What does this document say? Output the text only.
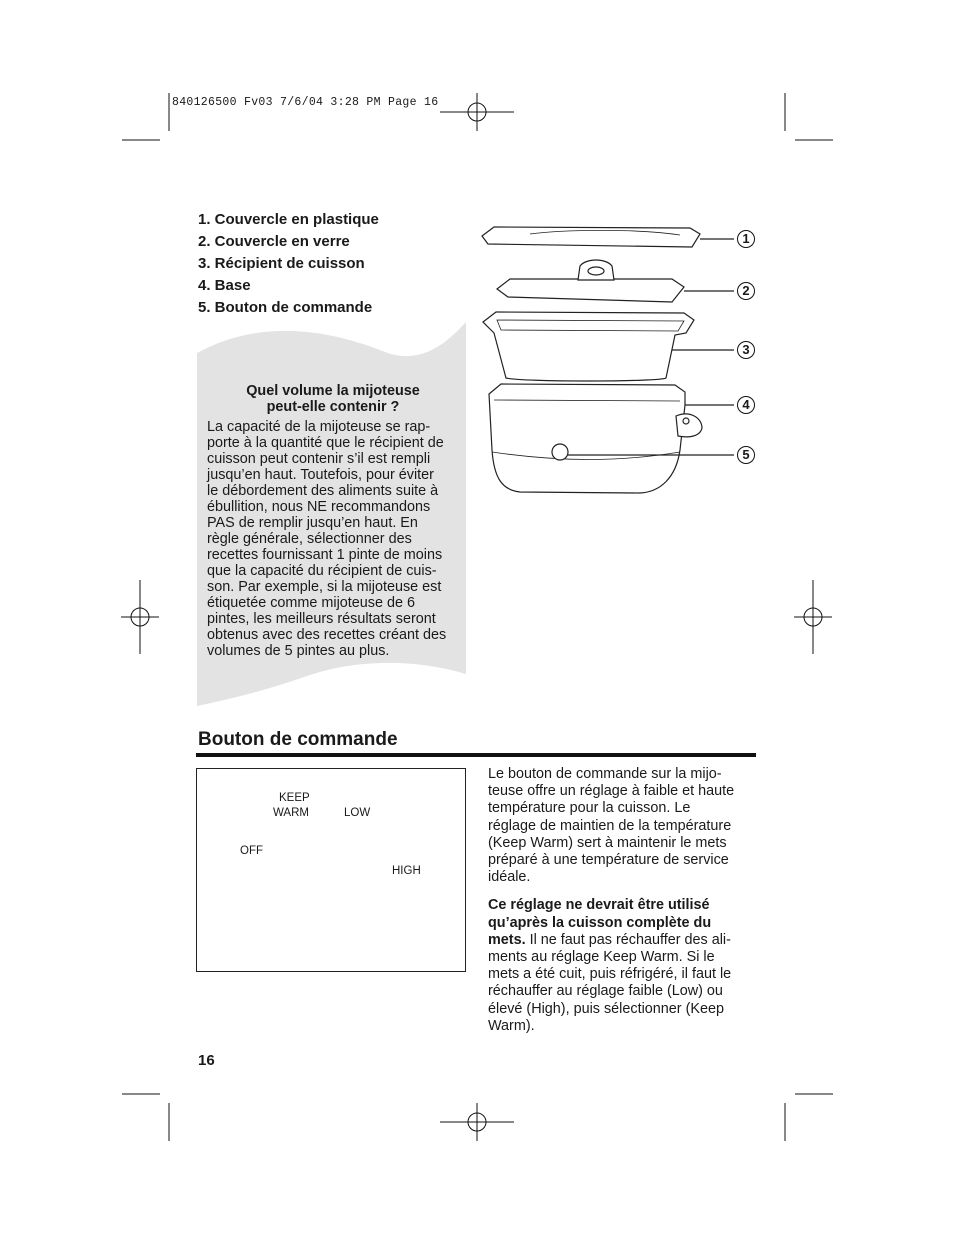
840126500 Fv03 7/6/04 3:28 PM Page 16
1. Couvercle en plastique
2. Couvercle en verre
3. Récipient de cuisson
4. Base
5. Bouton de commande
1
2
3
4
5
Quel volume la mijoteuse
peut-elle contenir ?

La capacité de la mijoteuse se rap-
porte à la quantité que le récipient de
cuisson peut contenir s’il est rempli
jusqu’en haut. Toutefois, pour éviter
le débordement des aliments suite à
ébullition, nous NE recommandons
PAS de remplir jusqu’en haut. En
règle générale, sélectionner des
recettes fournissant 1 pinte de moins
que la capacité du récipient de cuis-
son. Par exemple, si la mijoteuse est
étiquetée comme mijoteuse de 6
pintes, les meilleurs résultats seront
obtenus avec des recettes créant des
volumes de 5 pintes au plus.

Bouton de commande
KEEP
WARM	LOW
OFF
HIGH

Le bouton de commande sur la mijo-
teuse offre un réglage à faible et haute
température pour la cuisson. Le
réglage de maintien de la température
(Keep Warm) sert à maintenir le mets
préparé à une température de service
idéale.

Ce réglage ne devrait être utilisé
qu’après la cuisson complète du
mets. Il ne faut pas réchauffer des ali-
ments au réglage Keep Warm. Si le
mets a été cuit, puis réfrigéré, il faut le
réchauffer au réglage faible (Low) ou
élevé (High), puis sélectionner (Keep
Warm).

16
